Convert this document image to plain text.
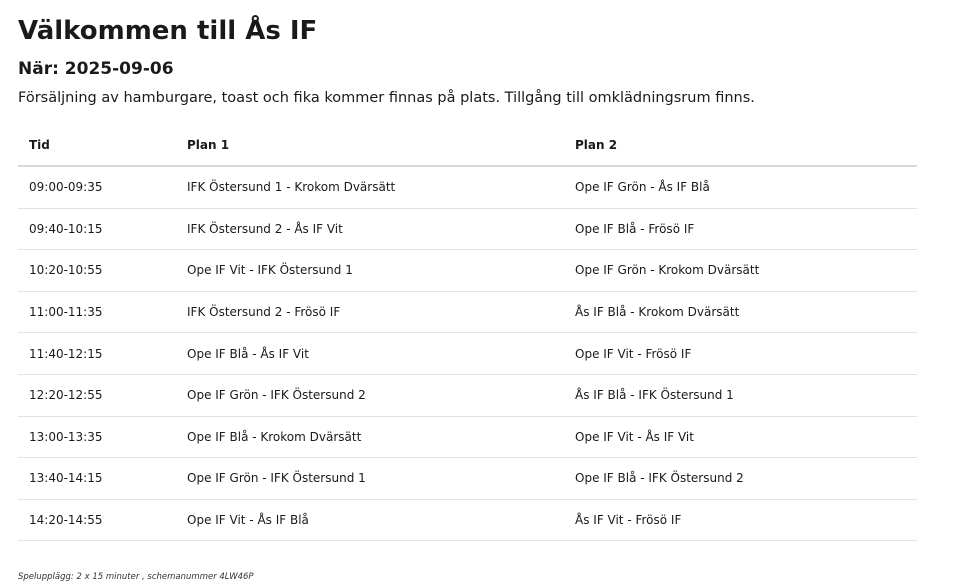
Välkommen till Ås IF
När: 2025-09-06

Försäljning av hamburgare, toast och fika kommer finnas på plats. Tillgång till omklädningsrum finns.

Tid	Plan 1	Plan 2
09:00-09:35	IFK Östersund 1 - Krokom Dvärsätt	Ope IF Grön - Ås IF Blå
09:40-10:15	IFK Östersund 2 - Ås IF Vit	Ope IF Blå - Frösö IF
10:20-10:55	Ope IF Vit - IFK Östersund 1	Ope IF Grön - Krokom Dvärsätt
11:00-11:35	IFK Östersund 2 - Frösö IF	Ås IF Blå - Krokom Dvärsätt
11:40-12:15	Ope IF Blå - Ås IF Vit	Ope IF Vit - Frösö IF
12:20-12:55	Ope IF Grön - IFK Östersund 2	Ås IF Blå - IFK Östersund 1
13:00-13:35	Ope IF Blå - Krokom Dvärsätt	Ope IF Vit - Ås IF Vit
13:40-14:15	Ope IF Grön - IFK Östersund 1	Ope IF Blå - IFK Östersund 2
14:20-14:55	Ope IF Vit - Ås IF Blå	Ås IF Vit - Frösö IF
Spelupplägg: 2 x 15 minuter , schemanummer 4LW46P
